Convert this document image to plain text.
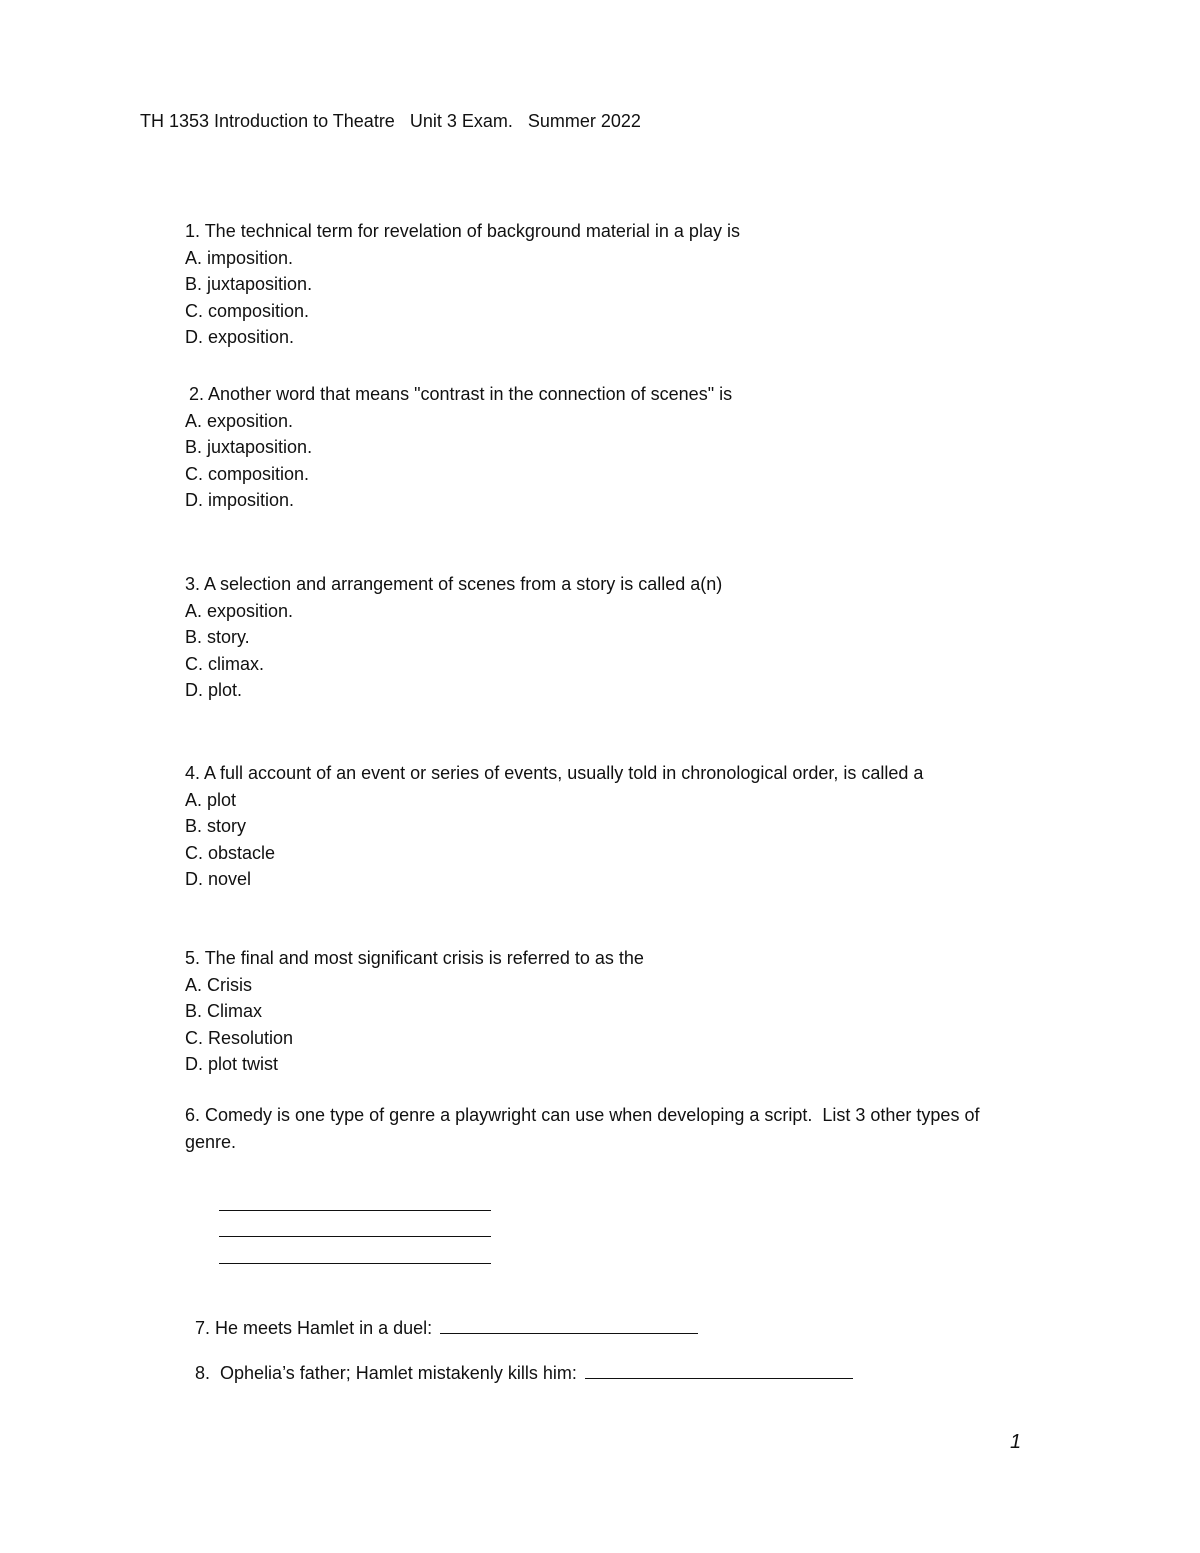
TH 1353 Introduction to Theatre   Unit 3 Exam.   Summer 2022
1. The technical term for revelation of background material in a play is
A. imposition.
B. juxtaposition.
C. composition.
D. exposition.
2. Another word that means "contrast in the connection of scenes" is
A. exposition.
B. juxtaposition.
C. composition.
D. imposition.
3. A selection and arrangement of scenes from a story is called a(n)
A. exposition.
B. story.
C. climax.
D. plot.
4. A full account of an event or series of events, usually told in chronological order, is called a
A. plot
B. story
C. obstacle
D. novel
5. The final and most significant crisis is referred to as the
A. Crisis
B. Climax
C. Resolution
D. plot twist
6. Comedy is one type of genre a playwright can use when developing a script.  List 3 other types of genre.

7. He meets Hamlet in a duel:

8.  Ophelia’s father; Hamlet mistakenly kills him:

1
